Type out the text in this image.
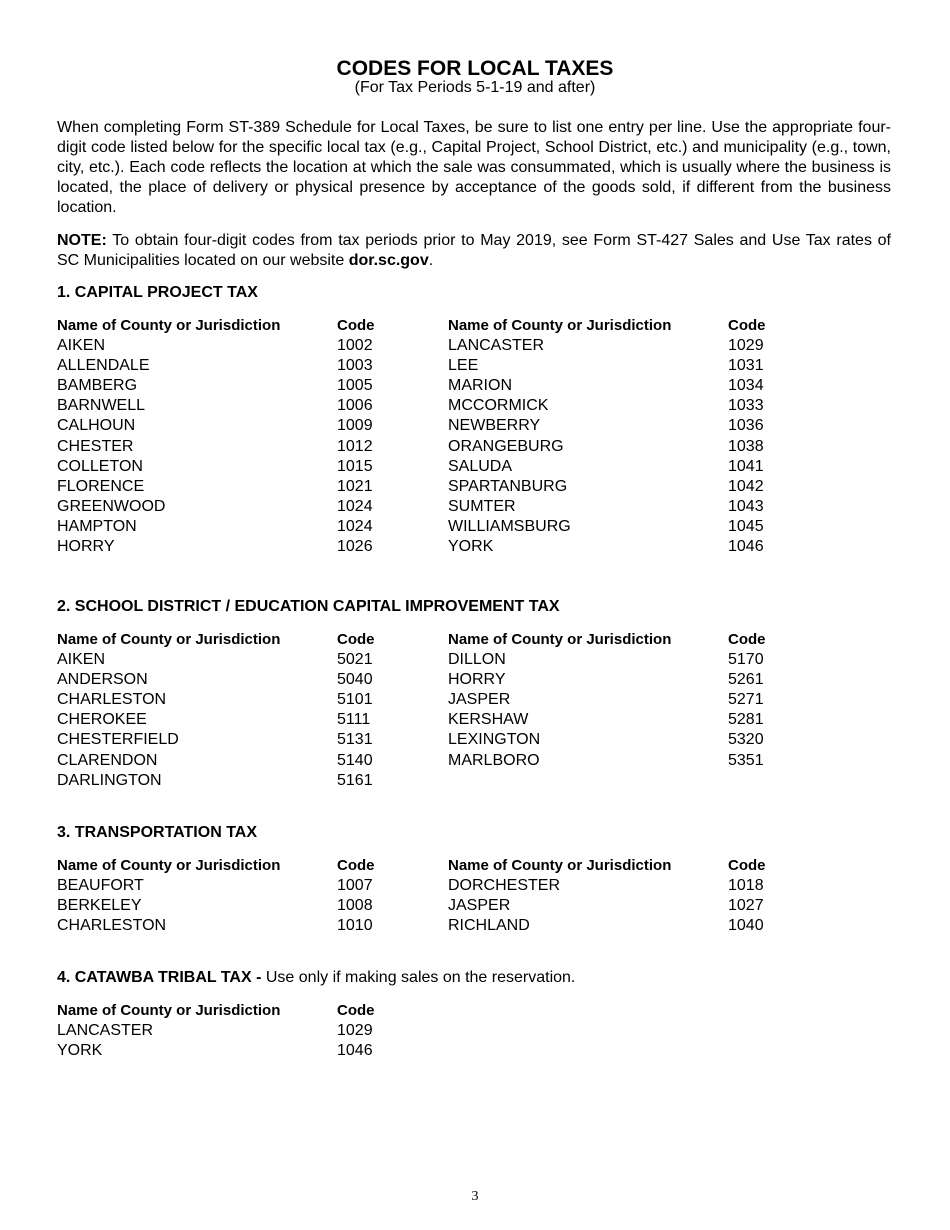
CODES FOR LOCAL TAXES
(For Tax Periods 5-1-19 and after)

When completing Form ST-389 Schedule for Local Taxes, be sure to list one entry per line. Use the appropriate four-digit code listed below for the specific local tax (e.g., Capital Project, School District, etc.) and municipality (e.g., town, city, etc.). Each code reflects the location at which the sale was consummated, which is usually where the business is located, the place of delivery or physical presence by acceptance of the goods sold, if different from the business location.

NOTE: To obtain four-digit codes from tax periods prior to May 2019, see Form ST-427 Sales and Use Tax rates of SC Municipalities located on our website dor.sc.gov.

1. CAPITAL PROJECT TAX

Name of County or Jurisdiction	Code	Name of County or Jurisdiction	Code
AIKEN	1002	LANCASTER	1029
ALLENDALE	1003	LEE	1031
BAMBERG	1005	MARION	1034
BARNWELL	1006	MCCORMICK	1033
CALHOUN	1009	NEWBERRY	1036
CHESTER	1012	ORANGEBURG	1038
COLLETON	1015	SALUDA	1041
FLORENCE	1021	SPARTANBURG	1042
GREENWOOD	1024	SUMTER	1043
HAMPTON	1024	WILLIAMSBURG	1045
HORRY	1026	YORK	1046

2. SCHOOL DISTRICT / EDUCATION CAPITAL IMPROVEMENT TAX

Name of County or Jurisdiction	Code	Name of County or Jurisdiction	Code
AIKEN	5021	DILLON	5170
ANDERSON	5040	HORRY	5261
CHARLESTON	5101	JASPER	5271
CHEROKEE	5111	KERSHAW	5281
CHESTERFIELD	5131	LEXINGTON	5320
CLARENDON	5140	MARLBORO	5351
DARLINGTON	5161

3. TRANSPORTATION TAX

Name of County or Jurisdiction	Code	Name of County or Jurisdiction	Code
BEAUFORT	1007	DORCHESTER	1018
BERKELEY	1008	JASPER	1027
CHARLESTON	1010	RICHLAND	1040

4. CATAWBA TRIBAL TAX - Use only if making sales on the reservation.

Name of County or Jurisdiction	Code
LANCASTER	1029
YORK	1046
3
